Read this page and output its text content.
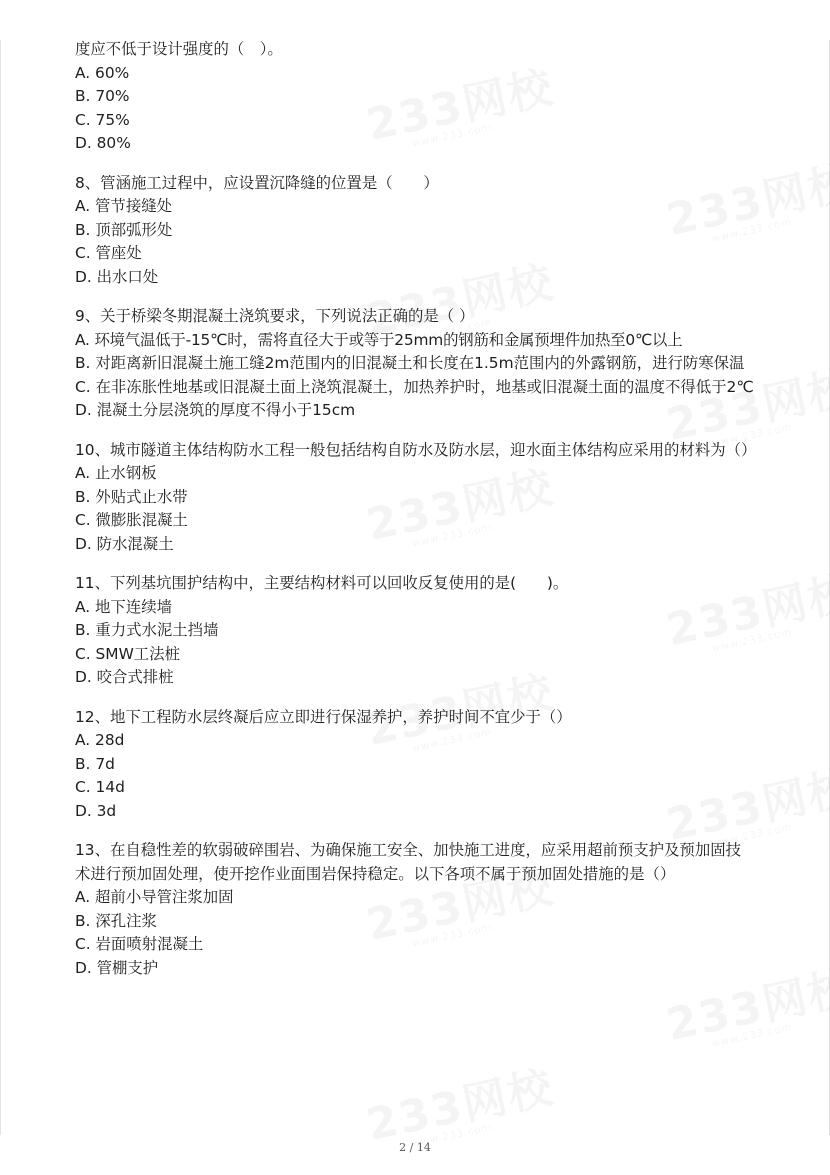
度应不低于设计强度的（　）。
A. 60%
B. 70%
C. 75%
D. 80%
8、管涵施工过程中，应设置沉降缝的位置是（　　）
A. 管节接缝处
B. 顶部弧形处
C. 管座处
D. 出水口处
9、关于桥梁冬期混凝土浇筑要求，下列说法正确的是（ ）
A. 环境气温低于-15℃时，需将直径大于或等于25mm的钢筋和金属预埋件加热至0℃以上
B. 对距离新旧混凝土施工缝2m范围内的旧混凝土和长度在1.5m范围内的外露钢筋，进行防寒保温
C. 在非冻胀性地基或旧混凝土面上浇筑混凝土，加热养护时，地基或旧混凝土面的温度不得低于2℃
D. 混凝土分层浇筑的厚度不得小于15cm
10、城市隧道主体结构防水工程一般包括结构自防水及防水层，迎水面主体结构应采用的材料为（）
A. 止水钢板
B. 外贴式止水带
C. 微膨胀混凝土
D. 防水混凝土
11、下列基坑围护结构中，主要结构材料可以回收反复使用的是(　　)。
A. 地下连续墙
B. 重力式水泥土挡墙
C. SMW工法桩
D. 咬合式排桩
12、地下工程防水层终凝后应立即进行保湿养护，养护时间不宜少于（）
A. 28d
B. 7d
C. 14d
D. 3d
13、在自稳性差的软弱破碎围岩、为确保施工安全、加快施工进度，应采用超前预支护及预加固技术进行预加固处理，使开挖作业面围岩保持稳定。以下各项不属于预加固处措施的是（）
A. 超前小导管注浆加固
B. 深孔注浆
C. 岩面喷射混凝土
D. 管棚支护
2 / 14
